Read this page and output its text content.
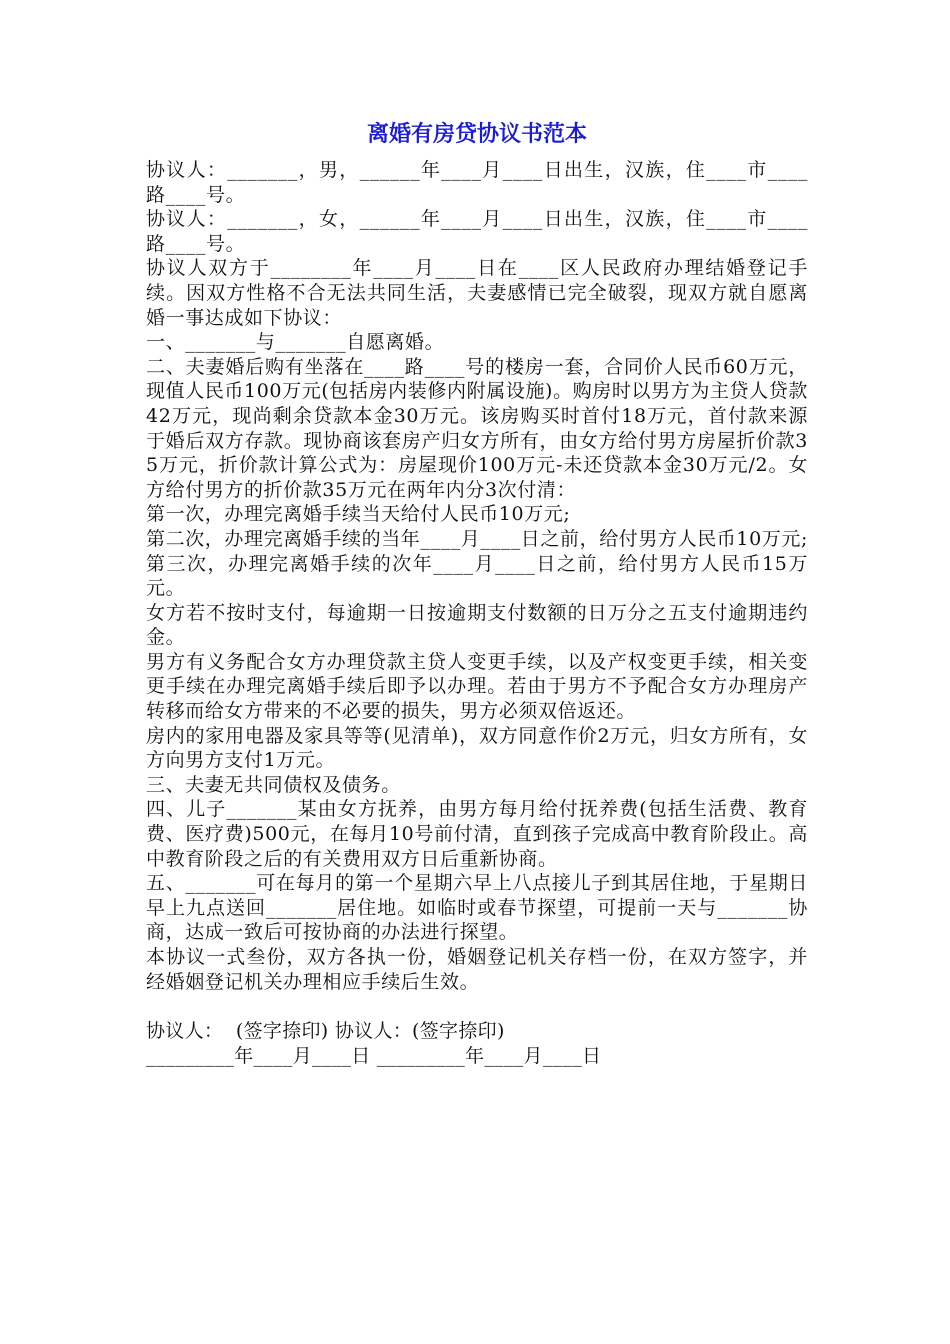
离婚有房贷协议书范本

协议人：_______，男，______年____月____日出生，汉族，住____市____路____号。

协议人：_______，女，______年____月____日出生，汉族，住____市____路____号。

协议人双方于________年____月____日在____区人民政府办理结婚登记手续。因双方性格不合无法共同生活，夫妻感情已完全破裂，现双方就自愿离婚一事达成如下协议：

一、_______与_______自愿离婚。

二、夫妻婚后购有坐落在____路____号的楼房一套，合同价人民币60万元，现值人民币100万元(包括房内装修内附属设施)。购房时以男方为主贷人贷款42万元，现尚剩余贷款本金30万元。该房购买时首付18万元，首付款来源于婚后双方存款。现协商该套房产归女方所有，由女方给付男方房屋折价款35万元，折价款计算公式为：房屋现价100万元-未还贷款本金30万元/2。女方给付男方的折价款35万元在两年内分3次付清：

第一次，办理完离婚手续当天给付人民币10万元;

第二次，办理完离婚手续的当年____月____日之前，给付男方人民币10万元;

第三次，办理完离婚手续的次年____月____日之前，给付男方人民币15万元。

女方若不按时支付，每逾期一日按逾期支付数额的日万分之五支付逾期违约金。

男方有义务配合女方办理贷款主贷人变更手续，以及产权变更手续，相关变更手续在办理完离婚手续后即予以办理。若由于男方不予配合女方办理房产转移而给女方带来的不必要的损失，男方必须双倍返还。

房内的家用电器及家具等等(见清单)，双方同意作价2万元，归女方所有，女方向男方支付1万元。

三、夫妻无共同债权及债务。

四、儿子_______某由女方抚养，由男方每月给付抚养费(包括生活费、教育费、医疗费)500元，在每月10号前付清，直到孩子完成高中教育阶段止。高中教育阶段之后的有关费用双方日后重新协商。

五、_______可在每月的第一个星期六早上八点接儿子到其居住地，于星期日早上九点送回_______居住地。如临时或春节探望，可提前一天与_______协商，达成一致后可按协商的办法进行探望。

本协议一式叁份，双方各执一份，婚姻登记机关存档一份，在双方签字，并经婚姻登记机关办理相应手续后生效。

协议人：  (签字捺印) 协议人：(签字捺印)

_________年____月____日 _________年____月____日
